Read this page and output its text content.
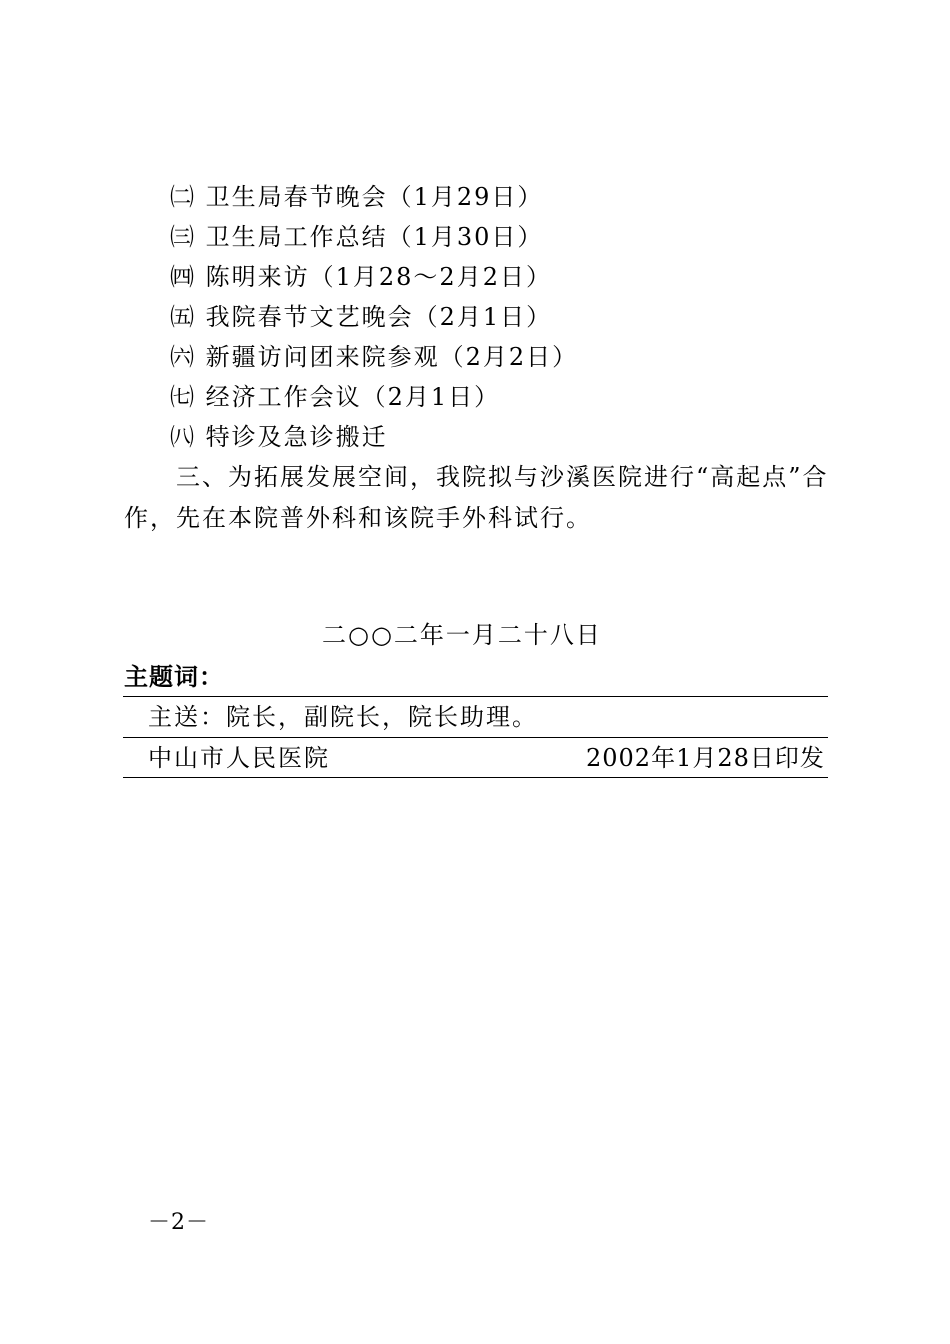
㈡ 卫生局春节晚会（1月29日）
㈢ 卫生局工作总结（1月30日）
㈣ 陈明来访（1月28～2月2日）
㈤ 我院春节文艺晚会（2月1日）
㈥ 新疆访问团来院参观（2月2日）
㈦ 经济工作会议（2月1日）
㈧ 特诊及急诊搬迁
　　三、为拓展发展空间，我院拟与沙溪医院进行“高起点”合
作，先在本院普外科和该院手外科试行。
二○○二年一月二十八日
主题词：
主送：院长，副院长，院长助理。
中山市人民医院	2002年1月28日印发
－2－
